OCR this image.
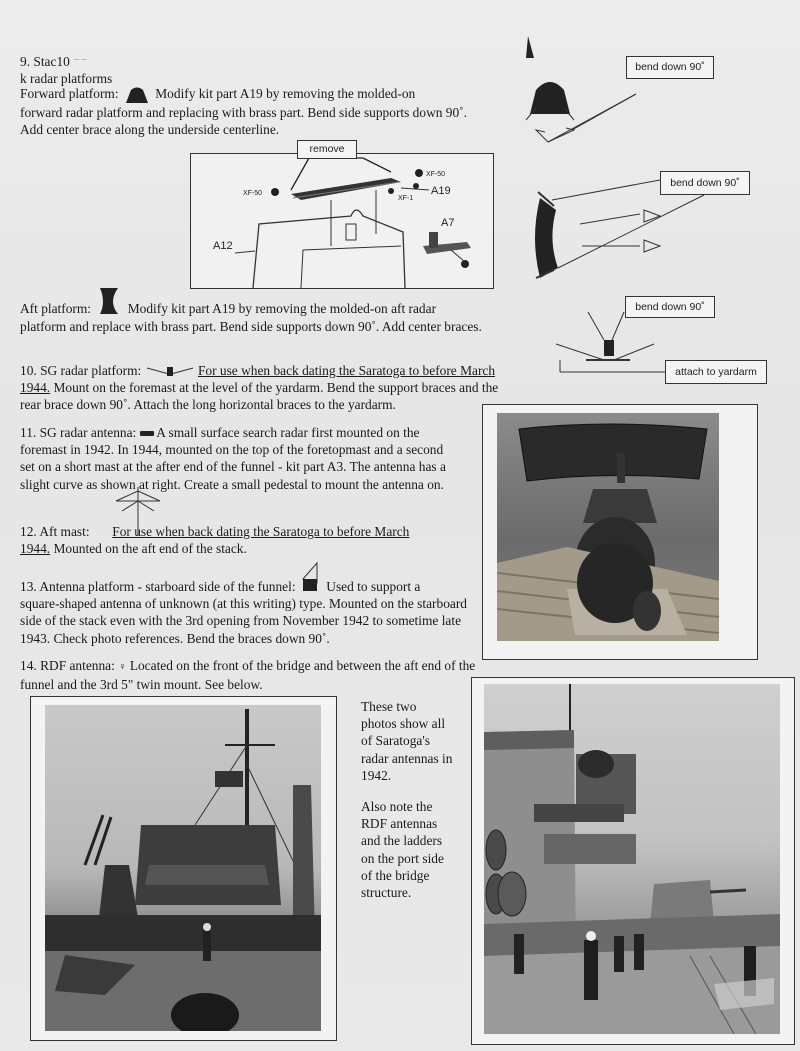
9. Stac10 ⁻⁻
k radar platforms
Forward platform:	Modify kit part A19 by removing the molded-on
forward radar platform and replacing with brass part. Bend side supports down 90˚.
Add center brace along the underside centerline.
A7
A12
A19
XF-50
XF-50
XF-1
remove
Aft platform:	Modify kit part A19 by removing the molded-on aft radar
platform and replace with brass part. Bend side supports down 90˚. Add center braces.
bend down 90˚
bend down 90˚
bend down 90˚
attach to yardarm
10. SG radar platform:	For use when back dating the Saratoga to before March
1944. Mount on the foremast at the level of the yardarm. Bend the support braces and the
rear brace down 90˚. Attach the long horizontal braces to the yardarm.
11. SG radar antenna: A small surface search radar first mounted on the
foremast in 1942. In 1944, mounted on the top of the foretopmast and a second
set on a short mast at the after end of the funnel - kit part A3. The antenna has a
slight curve as shown at right. Create a small pedestal to mount the antenna on.
12. Aft mast: For use when back dating the Saratoga to before March
1944. Mounted on the aft end of the stack.
13. Antenna platform - starboard side of the funnel: Used to support a
square-shaped antenna of unknown (at this writing) type. Mounted on the starboard
side of the stack even with the 3rd opening from November 1942 to sometime late
1943. Check photo references. Bend the braces down 90˚.
14. RDF antenna: ♀ Located on the front of the bridge and between the aft end of the
funnel and the 3rd 5" twin mount. See below.
These two
photos show all
of Saratoga's
radar antennas in
1942.
Also note the
RDF antennas
and the ladders
on the port side
of the bridge
structure.
